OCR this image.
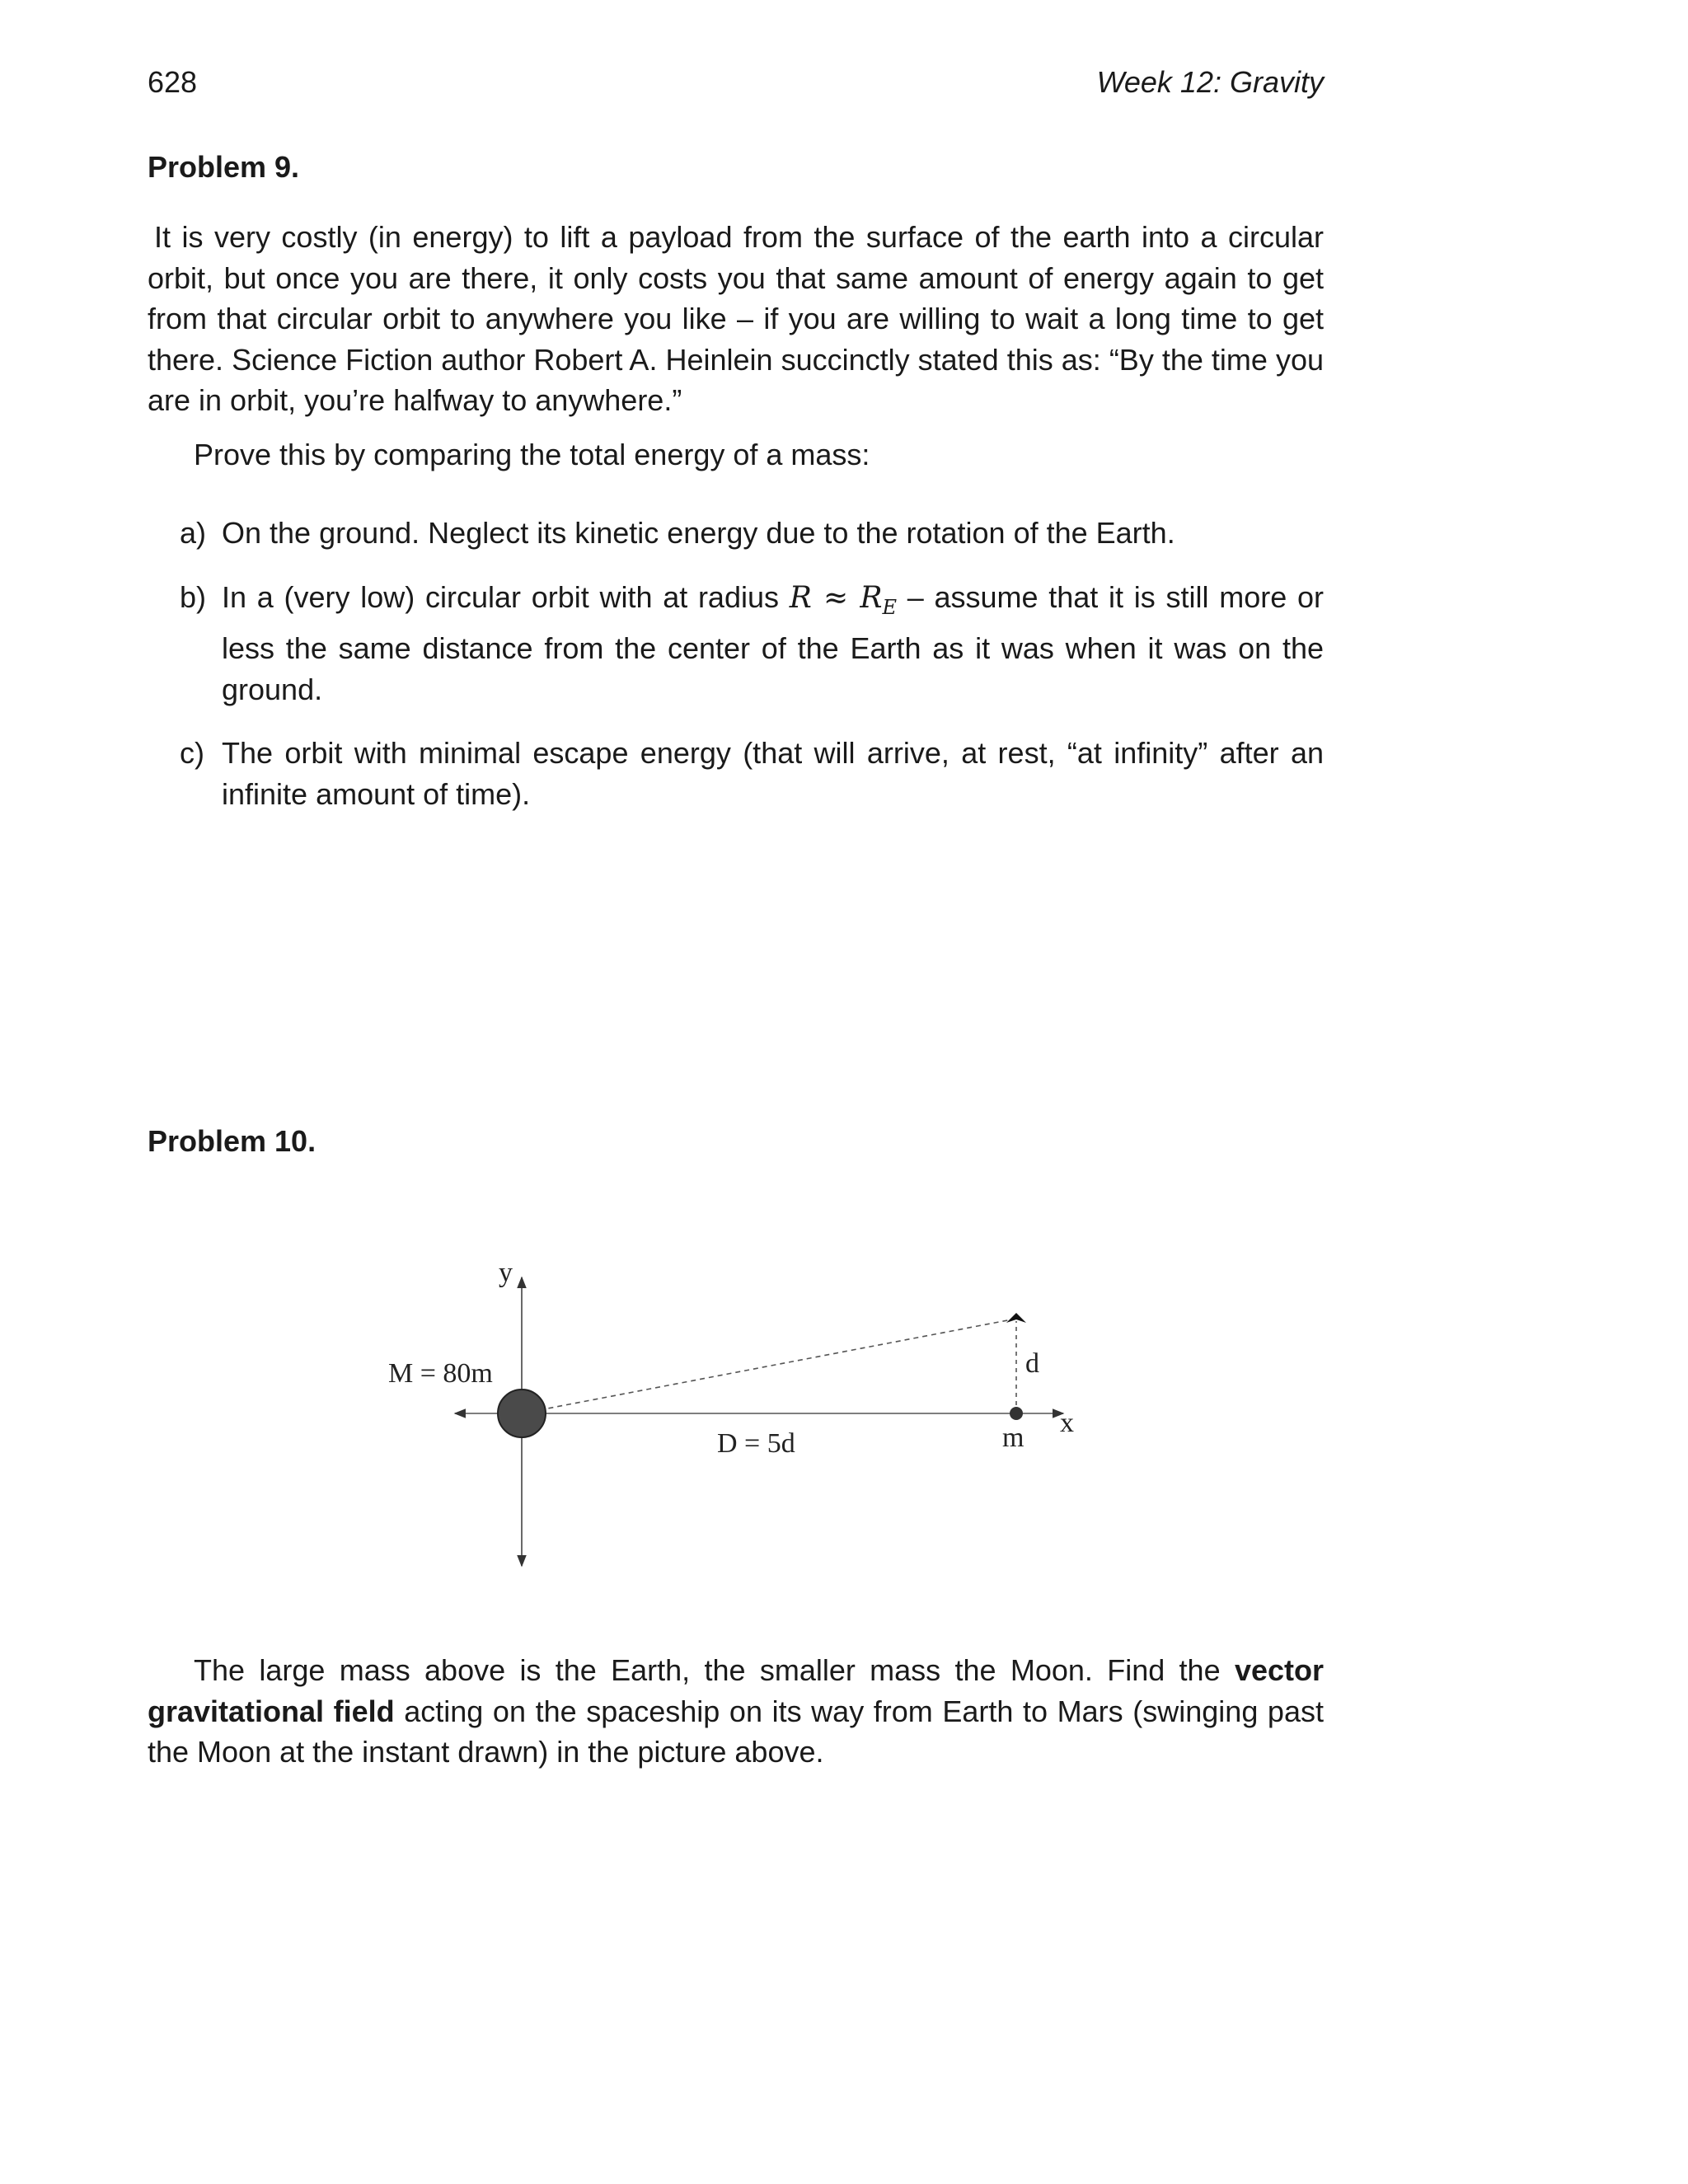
628	Week 12: Gravity
Problem 9.
It is very costly (in energy) to lift a payload from the surface of the earth into a circular orbit, but once you are there, it only costs you that same amount of energy again to get from that circular orbit to anywhere you like – if you are willing to wait a long time to get there. Science Fiction author Robert A. Heinlein succinctly stated this as: “By the time you are in orbit, you’re halfway to anywhere.”
Prove this by comparing the total energy of a mass:
a) On the ground. Neglect its kinetic energy due to the rotation of the Earth.
b) In a (very low) circular orbit with at radius $R \approx R_E$ – assume that it is still more or less the same distance from the center of the Earth as it was when it was on the ground.
c) The orbit with minimal escape energy (that will arrive, at rest, “at infinity” after an infinite amount of time).
Problem 10.
y
x
M = 80m
D = 5d	m
d
The large mass above is the Earth, the smaller mass the Moon. Find the vector gravitational field acting on the spaceship on its way from Earth to Mars (swinging past the Moon at the instant drawn) in the picture above.
